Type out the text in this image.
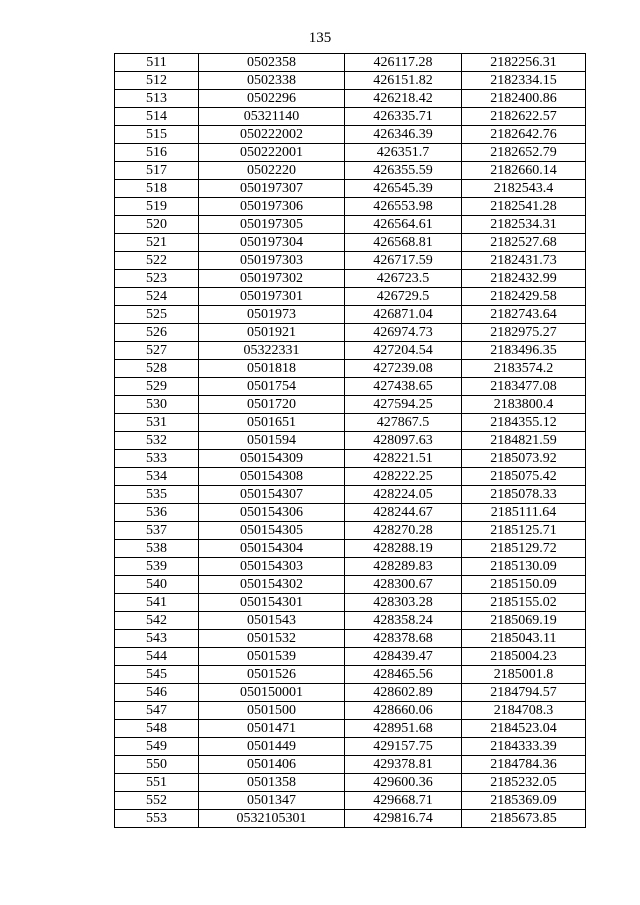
135
511	0502358	426117.28	2182256.31
512	0502338	426151.82	2182334.15
513	0502296	426218.42	2182400.86
514	05321140	426335.71	2182622.57
515	050222002	426346.39	2182642.76
516	050222001	426351.7	2182652.79
517	0502220	426355.59	2182660.14
518	050197307	426545.39	2182543.4
519	050197306	426553.98	2182541.28
520	050197305	426564.61	2182534.31
521	050197304	426568.81	2182527.68
522	050197303	426717.59	2182431.73
523	050197302	426723.5	2182432.99
524	050197301	426729.5	2182429.58
525	0501973	426871.04	2182743.64
526	0501921	426974.73	2182975.27
527	05322331	427204.54	2183496.35
528	0501818	427239.08	2183574.2
529	0501754	427438.65	2183477.08
530	0501720	427594.25	2183800.4
531	0501651	427867.5	2184355.12
532	0501594	428097.63	2184821.59
533	050154309	428221.51	2185073.92
534	050154308	428222.25	2185075.42
535	050154307	428224.05	2185078.33
536	050154306	428244.67	2185111.64
537	050154305	428270.28	2185125.71
538	050154304	428288.19	2185129.72
539	050154303	428289.83	2185130.09
540	050154302	428300.67	2185150.09
541	050154301	428303.28	2185155.02
542	0501543	428358.24	2185069.19
543	0501532	428378.68	2185043.11
544	0501539	428439.47	2185004.23
545	0501526	428465.56	2185001.8
546	050150001	428602.89	2184794.57
547	0501500	428660.06	2184708.3
548	0501471	428951.68	2184523.04
549	0501449	429157.75	2184333.39
550	0501406	429378.81	2184784.36
551	0501358	429600.36	2185232.05
552	0501347	429668.71	2185369.09
553	0532105301	429816.74	2185673.85
